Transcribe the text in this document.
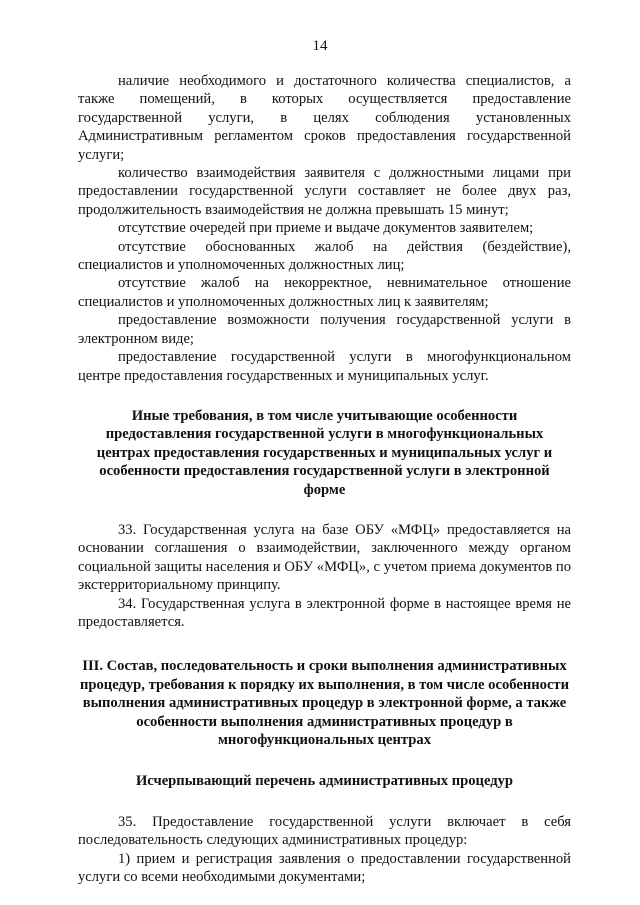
14

наличие необходимого и достаточного количества специалистов, а также помещений, в которых осуществляется предоставление государственной услуги, в целях соблюдения установленных Административным регламентом сроков предоставления государственной услуги;

количество взаимодействия заявителя с должностными лицами при предоставлении государственной услуги составляет не более двух раз, продолжительность взаимодействия не должна превышать 15 минут;

отсутствие очередей при приеме и выдаче документов заявителем;

отсутствие обоснованных жалоб на действия (бездействие), специалистов и уполномоченных должностных лиц;

отсутствие жалоб на некорректное, невнимательное отношение специалистов и уполномоченных должностных лиц к заявителям;

предоставление возможности получения государственной услуги в электронном виде;

предоставление государственной услуги в многофункциональном центре предоставления государственных и муниципальных услуг.

Иные требования, в том числе учитывающие особенности предоставления государственной услуги в многофункциональных центрах предоставления государственных и муниципальных услуг и особенности предоставления государственной услуги в электронной форме

33. Государственная услуга на базе ОБУ «МФЦ» предоставляется на основании соглашения о взаимодействии, заключенного между органом социальной защиты населения и ОБУ «МФЦ», с учетом приема документов по экстерриториальному принципу.

34. Государственная услуга в электронной форме в настоящее время не предоставляется.

III. Состав, последовательность и сроки выполнения административных процедур, требования к порядку их выполнения, в том числе особенности выполнения административных процедур в электронной форме, а также особенности выполнения административных процедур в многофункциональных центрах

Исчерпывающий перечень административных процедур

35. Предоставление государственной услуги включает в себя последовательность следующих административных процедур:

1) прием и регистрация заявления о предоставлении государственной услуги со всеми необходимыми документами;
